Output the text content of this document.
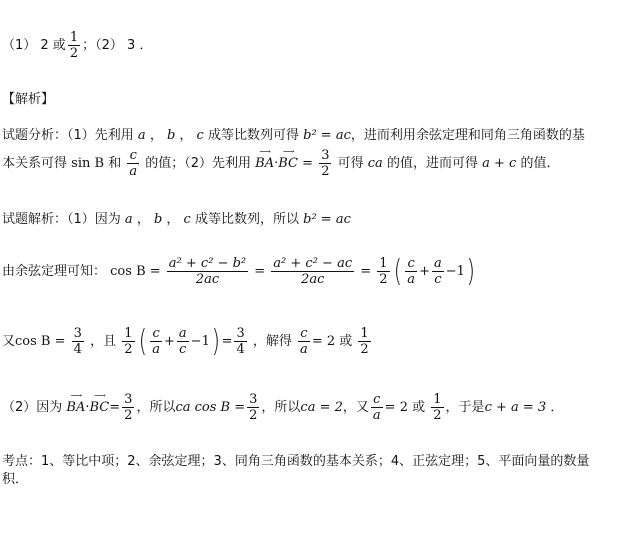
（1） 2 或 $\frac{1}{2}$ ；（2） 3 ．
【解析】
试题分析：（1）先利用 a ， b ， c 成等比数列可得 b² = ac，进而利用余弦定理和同角三角函数的基
本关系可得 sin B 和 $\frac{c}{a}$ 的值；（2）先利用
⟶
BA·
⟶
BC = $\frac{3}{2}$ 可得 ca 的值，进而可得 a + c 的值．
试题解析：（1）因为 a ， b ， c 成等比数列，所以 b² = ac
由余弦定理可知： $\cos B = \frac{\text{a² + c² − b²}}{2ac} = \frac{\text{a² + c² − ac}}{2ac} = \frac{1}{2}$ ( $\frac{c}{a} + \frac{a}{c} -1$)
又$\cos B = \frac{3}{4}$ ，且 $\frac{1}{2}$ ( $\frac{c}{a} + \frac{a}{c} -1) = \frac{3}{4}$ ，解得 $\frac{c}{a} = 2$ 或 $\frac{1}{2}$
（2）因为
⟶
BA·
⟶
$BC= \frac{3}{2}$ ，所以ca $\cos B = \frac{3}{2}$ ，所以ca = 2，又 $\frac{c}{a} = 2$ 或 $\frac{1}{2}$ ，于是c + a = 3 ．
考点：1、等比中项；2、余弦定理；3、同角三角函数的基本关系；4、正弦定理；5、平面向量的数量
积．
